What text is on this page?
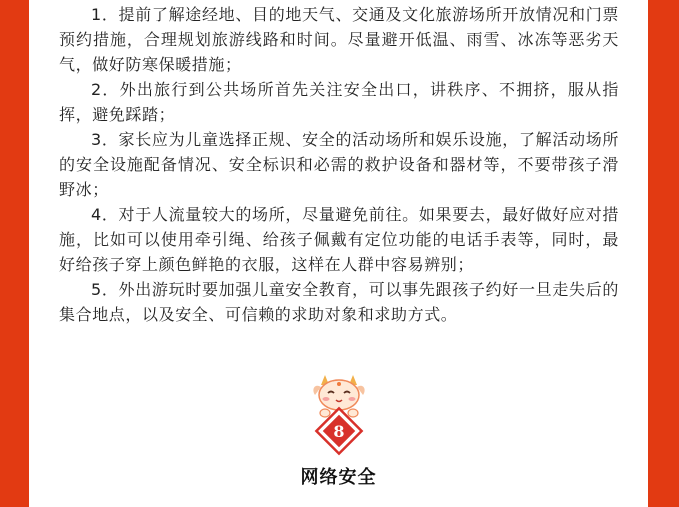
1．提前了解途经地、目的地天气、交通及文化旅游场所开放情况和门票预约措施，合理规划旅游线路和时间。尽量避开低温、雨雪、冰冻等恶劣天气，做好防寒保暖措施；

2．外出旅行到公共场所首先关注安全出口，讲秩序、不拥挤，服从指挥，避免踩踏；

3．家长应为儿童选择正规、安全的活动场所和娱乐设施，了解活动场所的安全设施配备情况、安全标识和必需的救护设备和器材等，不要带孩子滑野冰；

4．对于人流量较大的场所，尽量避免前往。如果要去，最好做好应对措施，比如可以使用牵引绳、给孩子佩戴有定位功能的电话手表等，同时，最好给孩子穿上颜色鲜艳的衣服，这样在人群中容易辨别；

5．外出游玩时要加强儿童安全教育，可以事先跟孩子约好一旦走失后的集合地点，以及安全、可信赖的求助对象和求助方式。

8
网络安全
